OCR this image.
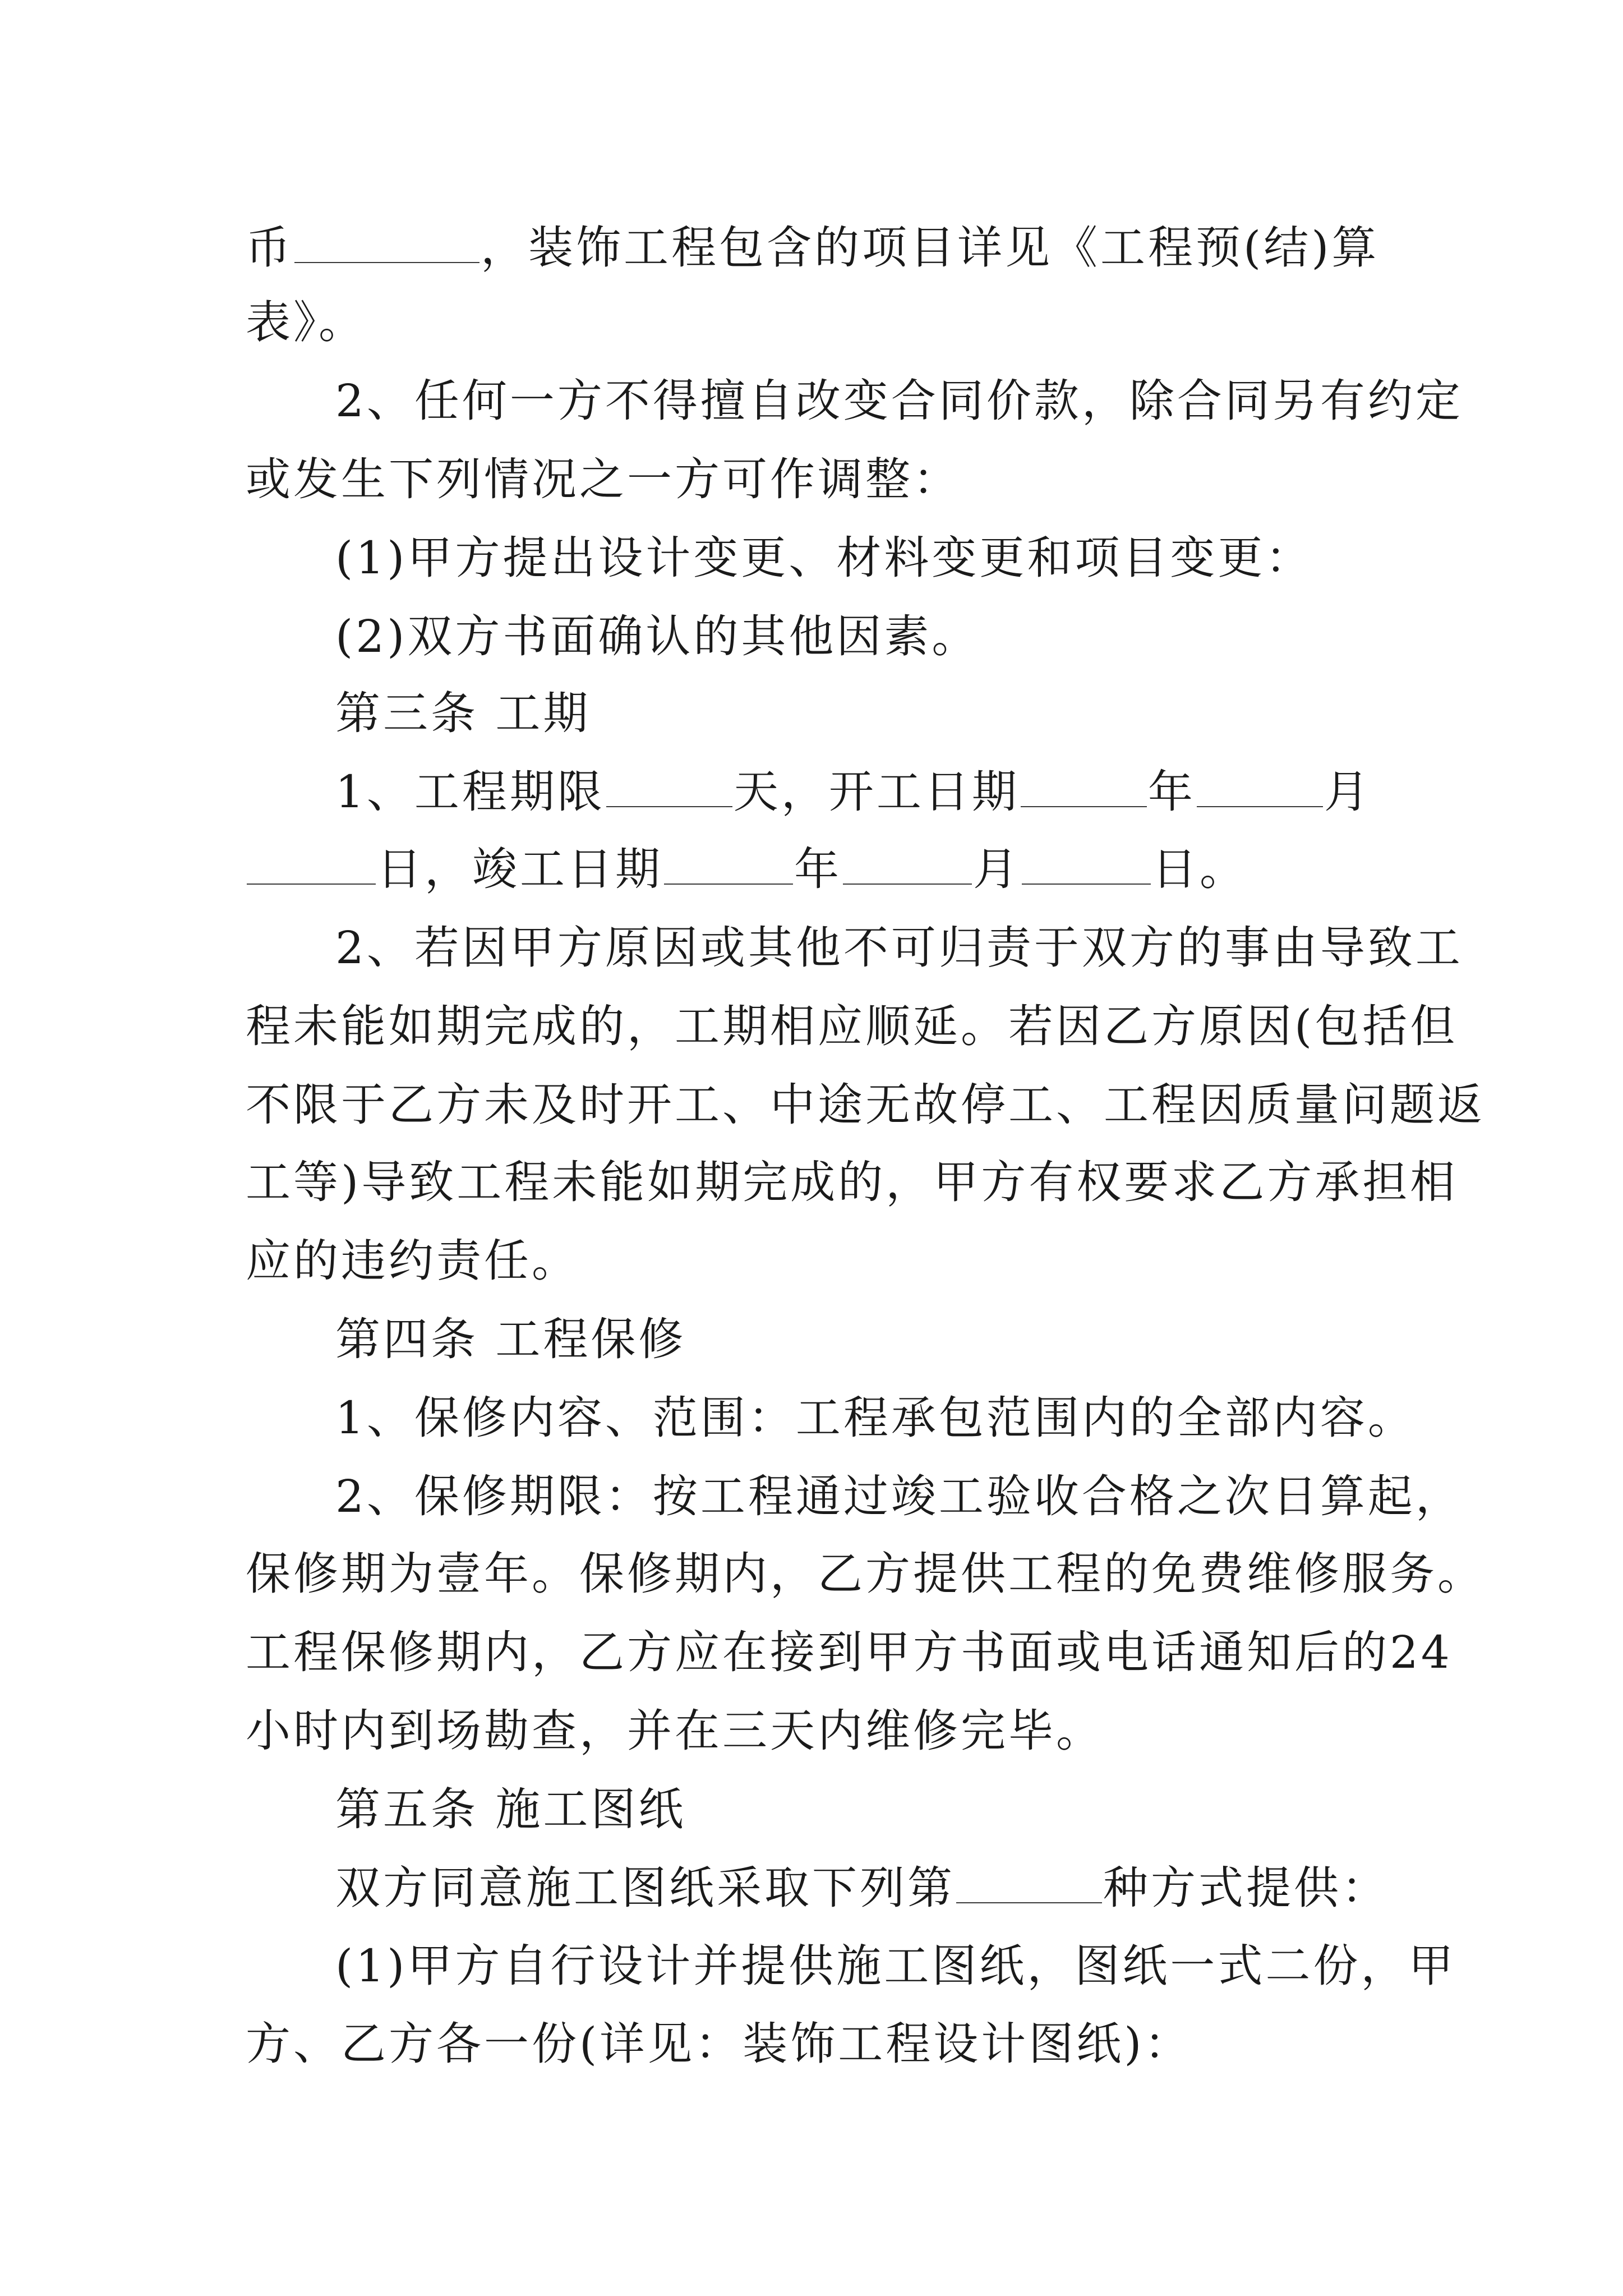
币	，装饰工程包含的项目详见《工程预(结)算
表》。
2、任何一方不得擅自改变合同价款，除合同另有约定
或发生下列情况之一方可作调整：
(1)甲方提出设计变更、材料变更和项目变更：
(2)双方书面确认的其他因素。
第三条 工期
1、工程期限	天，开工日期	年	月
日，竣工日期	年	月	日。
2、若因甲方原因或其他不可归责于双方的事由导致工
程未能如期完成的，工期相应顺延。若因乙方原因(包括但
不限于乙方未及时开工、中途无故停工、工程因质量问题返
工等)导致工程未能如期完成的，甲方有权要求乙方承担相
应的违约责任。
第四条 工程保修
1、保修内容、范围：工程承包范围内的全部内容。
2、保修期限：按工程通过竣工验收合格之次日算起，
保修期为壹年。保修期内，乙方提供工程的免费维修服务。
工程保修期内，乙方应在接到甲方书面或电话通知后的24
小时内到场勘查，并在三天内维修完毕。
第五条 施工图纸
双方同意施工图纸采取下列第	种方式提供：
(1)甲方自行设计并提供施工图纸，图纸一式二份，甲
方、乙方各一份(详见：装饰工程设计图纸)：
